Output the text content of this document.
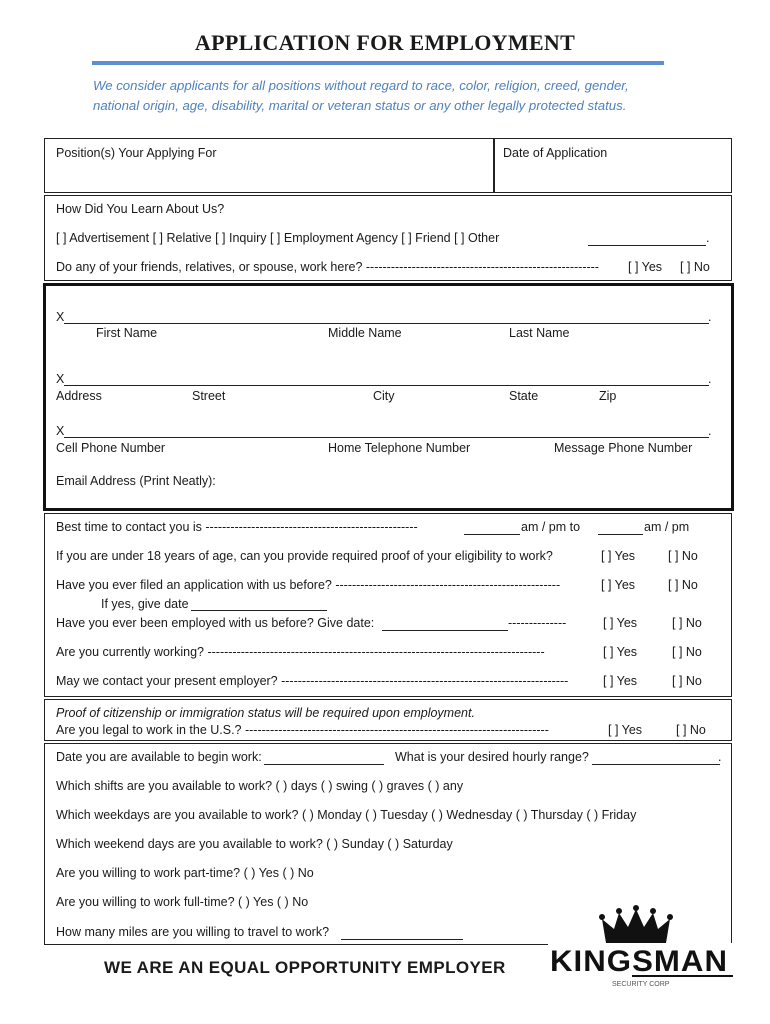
APPLICATION FOR EMPLOYMENT
We consider applicants for all positions without regard to race, color, religion, creed, gender, national origin, age, disability, marital or veteran status or any other legally protected status.
Position(s) Your Applying For	Date of Application
How Did You Learn About Us?
[ ] Advertisement [ ] Relative [ ] Inquiry [ ] Employment Agency [ ] Friend [ ] Other	.
Do any of your friends, relatives, or spouse, work here? -------------------------------------------------------- [ ] Yes [ ] No
X	.
First Name	Middle Name	Last Name
X	.
Address	Street	City	State	Zip
X	.
Cell Phone Number	Home Telephone Number	Message Phone Number
Email Address (Print Neatly):
Best time to contact you is ---------------------------------------------------	am / pm to	am / pm
If you are under 18 years of age, can you provide required proof of your eligibility to work?	[ ] Yes	[ ] No
Have you ever filed an application with us before? ------------------------------------------------------	[ ] Yes	[ ] No
If yes, give date
Have you ever been employed with us before? Give date:	--------------	[ ] Yes	[ ] No
Are you currently working? ---------------------------------------------------------------------------------	[ ] Yes	[ ] No
May we contact your present employer? ---------------------------------------------------------------------	[ ] Yes	[ ] No
Proof of citizenship or immigration status will be required upon employment.
Are you legal to work in the U.S.? -------------------------------------------------------------------------	[ ] Yes	[ ] No
Date you are available to begin work:	What is your desired hourly range?	.
Which shifts are you available to work? ( ) days ( ) swing ( ) graves ( ) any
Which weekdays are you available to work? ( ) Monday ( ) Tuesday ( ) Wednesday ( ) Thursday ( ) Friday
Which weekend days are you available to work? ( ) Sunday ( ) Saturday
Are you willing to work part-time? ( ) Yes ( ) No
Are you willing to work full-time? ( ) Yes ( ) No
How many miles are you willing to travel to work?
WE ARE AN EQUAL OPPORTUNITY EMPLOYER KINGSMAN
SECURITY CORP
